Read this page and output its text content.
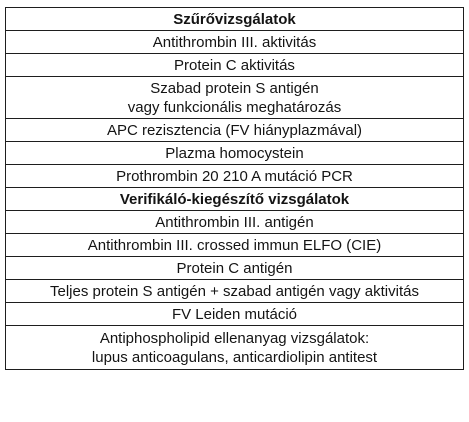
Szűrővizsgálatok
Antithrombin III. aktivitás
Protein C aktivitás

Szabad protein S antigén
vagy funkcionális meghatározás

APC rezisztencia (FV hiányplazmával)
Plazma homocystein
Prothrombin 20 210 A mutáció PCR
Verifikáló-kiegészítő vizsgálatok
Antithrombin III. antigén
Antithrombin III. crossed immun ELFO (CIE)
Protein C antigén
Teljes protein S antigén + szabad antigén vagy aktivitás
FV Leiden mutáció

Antiphospholipid ellenanyag vizsgálatok:
lupus anticoagulans, anticardiolipin antitest
